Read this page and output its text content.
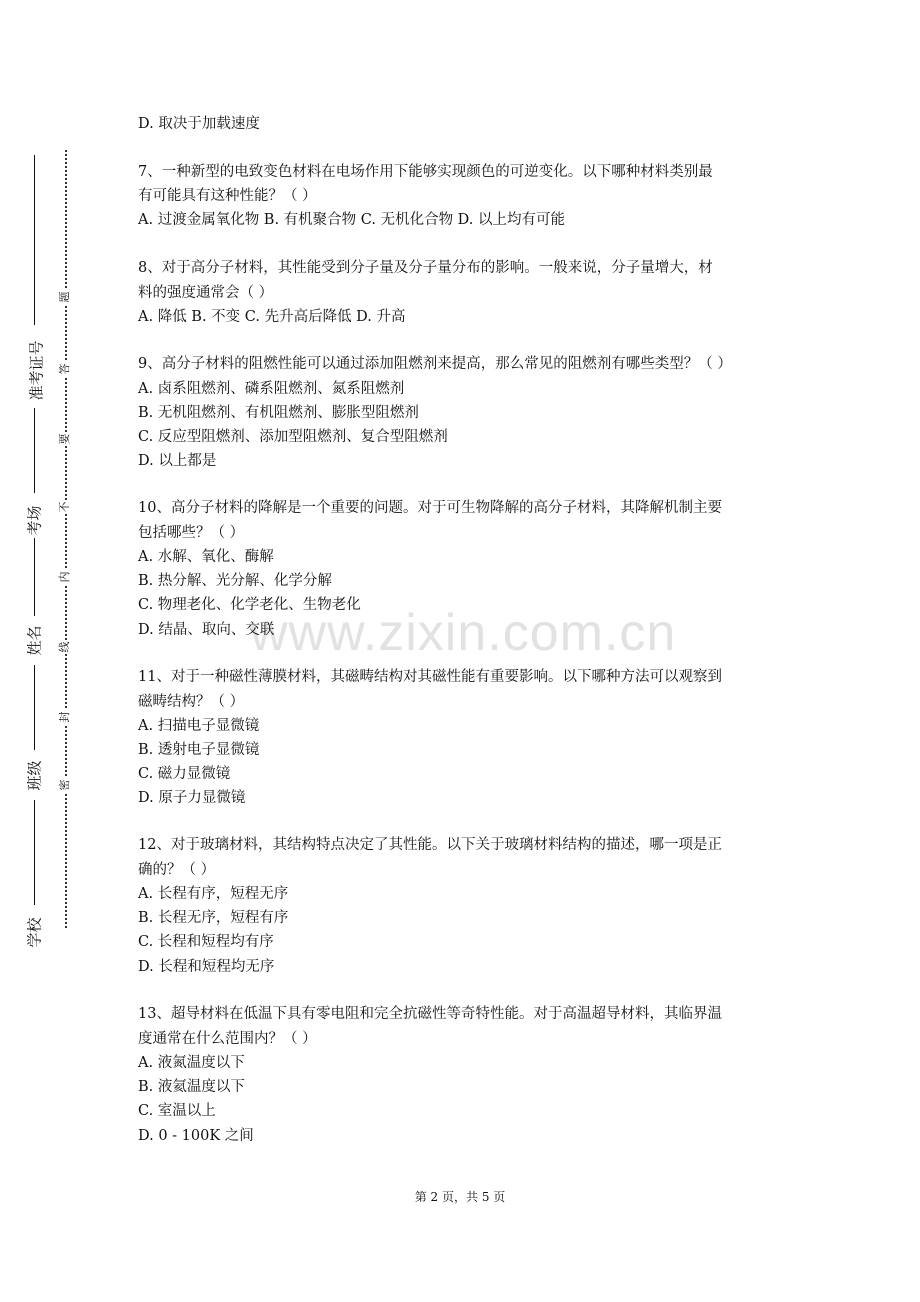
准考证号
考场
姓名
班级
学校
题
答
要
不
内
线
封
密
www.zixin.com.cn
D. 取决于加载速度
7、一种新型的电致变色材料在电场作用下能够实现颜色的可逆变化。以下哪种材料类别最
有可能具有这种性能？（ ）
A. 过渡金属氧化物 B. 有机聚合物 C. 无机化合物 D. 以上均有可能
8、对于高分子材料，其性能受到分子量及分子量分布的影响。一般来说，分子量增大，材
料的强度通常会（ ）
A. 降低 B. 不变 C. 先升高后降低 D. 升高
9、高分子材料的阻燃性能可以通过添加阻燃剂来提高，那么常见的阻燃剂有哪些类型？（ ）
A. 卤系阻燃剂、磷系阻燃剂、氮系阻燃剂
B. 无机阻燃剂、有机阻燃剂、膨胀型阻燃剂
C. 反应型阻燃剂、添加型阻燃剂、复合型阻燃剂
D. 以上都是
10、高分子材料的降解是一个重要的问题。对于可生物降解的高分子材料，其降解机制主要
包括哪些？（ ）
A. 水解、氧化、酶解
B. 热分解、光分解、化学分解
C. 物理老化、化学老化、生物老化
D. 结晶、取向、交联
11、对于一种磁性薄膜材料，其磁畴结构对其磁性能有重要影响。以下哪种方法可以观察到
磁畴结构？（ ）
A. 扫描电子显微镜
B. 透射电子显微镜
C. 磁力显微镜
D. 原子力显微镜
12、对于玻璃材料，其结构特点决定了其性能。以下关于玻璃材料结构的描述，哪一项是正
确的？（ ）
A. 长程有序，短程无序
B. 长程无序，短程有序
C. 长程和短程均有序
D. 长程和短程均无序
13、超导材料在低温下具有零电阻和完全抗磁性等奇特性能。对于高温超导材料，其临界温
度通常在什么范围内？（ ）
A. 液氮温度以下
B. 液氦温度以下
C. 室温以上
D. 0 - 100K 之间
第 2 页，共 5 页
